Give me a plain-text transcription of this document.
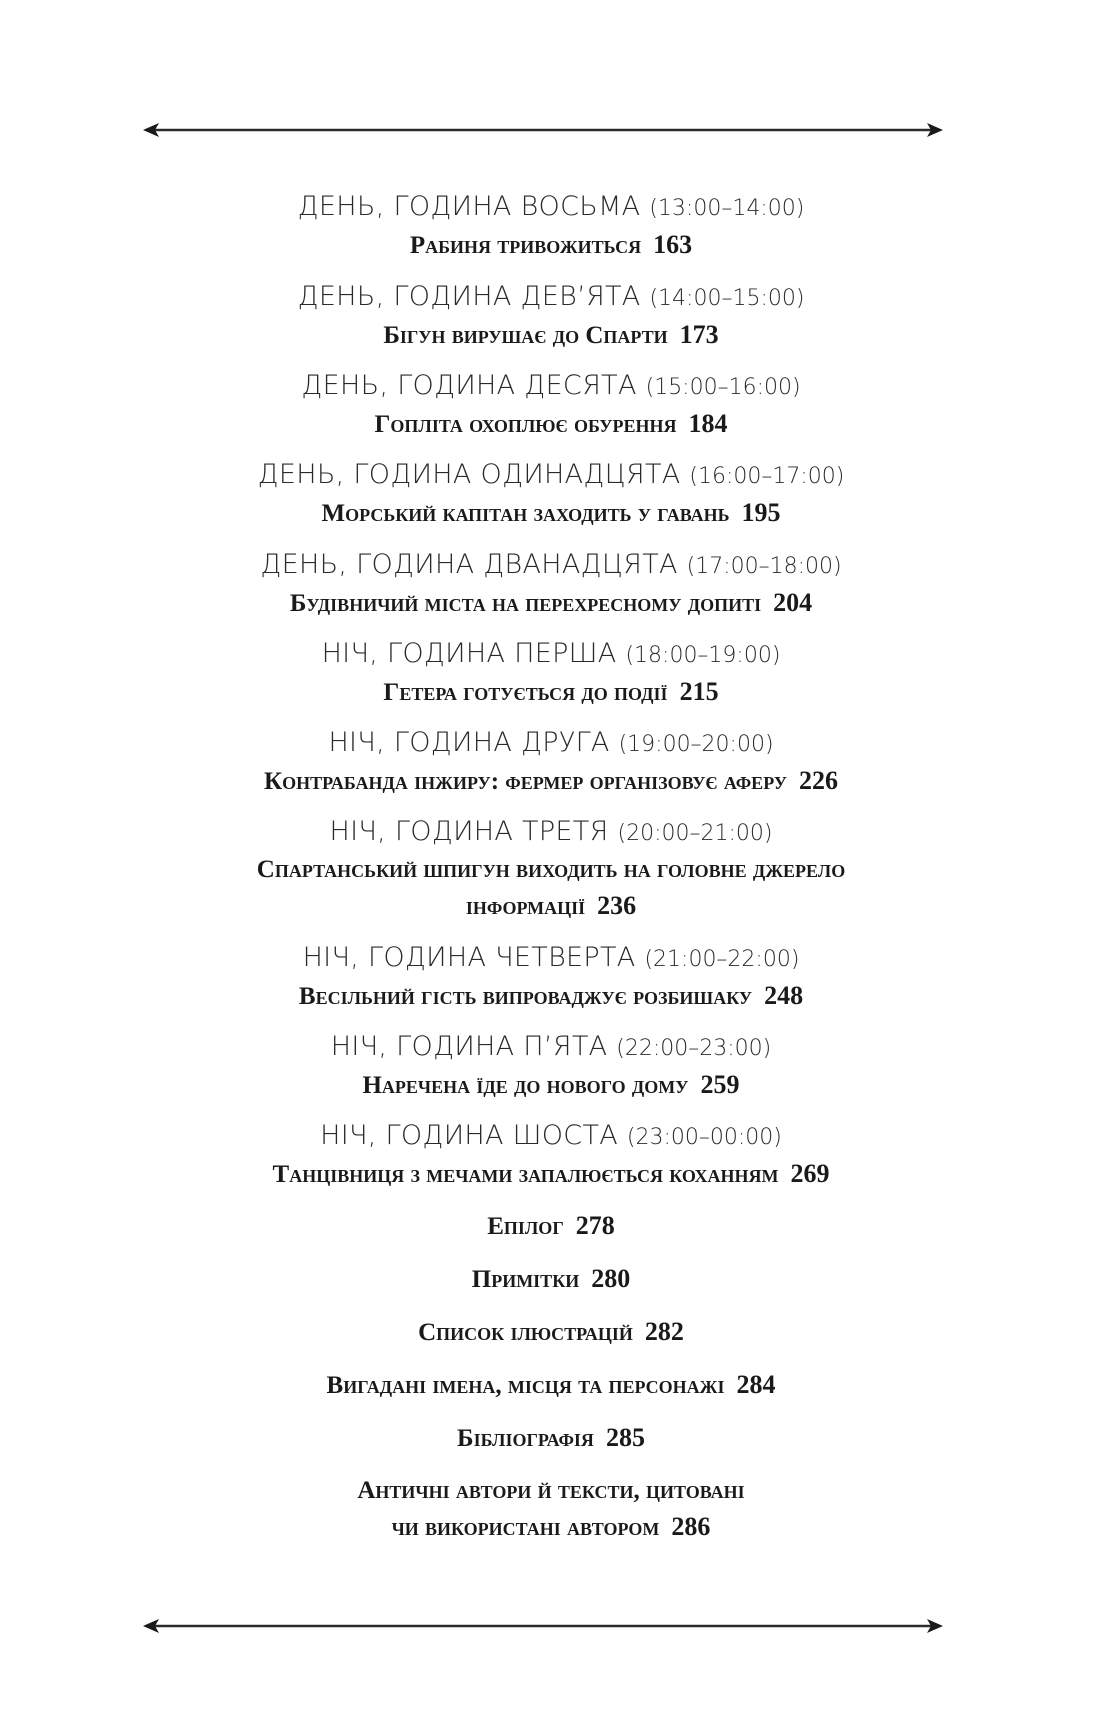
ДЕНЬ, ГОДИНА ВОСЬМА (13:00–14:00)
Рабиня тривожиться 163
ДЕНЬ, ГОДИНА ДЕВ’ЯТА (14:00–15:00)
Бігун вирушає до Спарти 173
ДЕНЬ, ГОДИНА ДЕСЯТА (15:00–16:00)
Гопліта охоплює обурення 184
ДЕНЬ, ГОДИНА ОДИНАДЦЯТА (16:00–17:00)
Морський капітан заходить у гавань 195
ДЕНЬ, ГОДИНА ДВАНАДЦЯТА (17:00–18:00)
Будівничий міста на перехресному допиті 204
НІЧ, ГОДИНА ПЕРША (18:00–19:00)
Гетера готується до події 215
НІЧ, ГОДИНА ДРУГА (19:00–20:00)
Контрабанда інжиру: фермер організовує аферу 226
НІЧ, ГОДИНА ТРЕТЯ (20:00–21:00)
Спартанський шпигун виходить на головне джерело
інформації 236
НІЧ, ГОДИНА ЧЕТВЕРТА (21:00–22:00)
Весільний гість випроваджує розбишаку 248
НІЧ, ГОДИНА П’ЯТА (22:00–23:00)
Наречена їде до нового дому 259
НІЧ, ГОДИНА ШОСТА (23:00–00:00)
Танцівниця з мечами запалюється коханням 269
Епілог 278
Примітки 280
Список ілюстрацій 282
Вигадані імена, місця та персонажі 284
Бібліографія 285
Античні автори й тексти, цитовані
чи використані автором 286
